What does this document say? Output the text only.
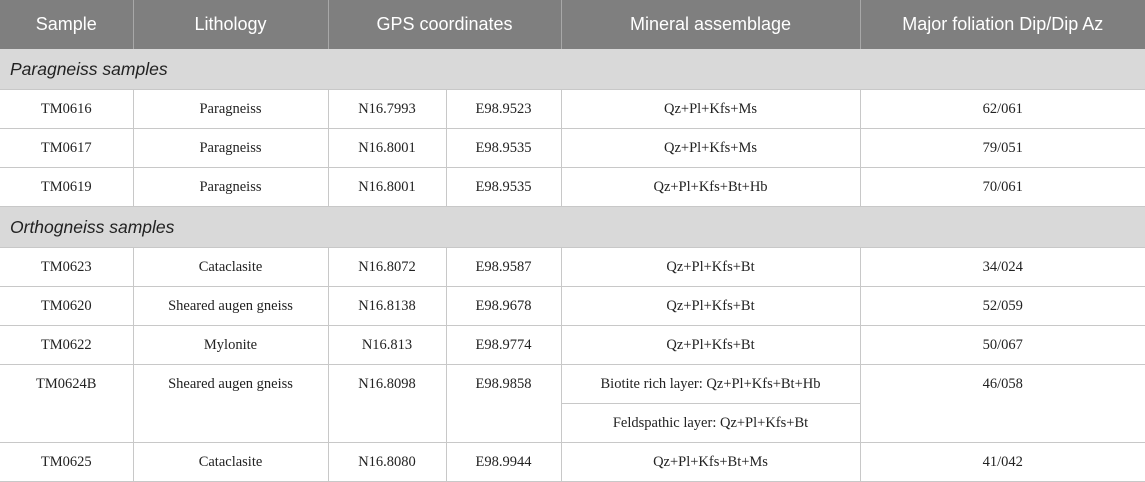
Sample	Lithology	GPS coordinates		Mineral assemblage	Major foliation Dip/Dip Az
Paragneiss samples					
TM0616	Paragneiss	N16.7993	E98.9523	Qz+Pl+Kfs+Ms	62/061
TM0617	Paragneiss	N16.8001	E98.9535	Qz+Pl+Kfs+Ms	79/051
TM0619	Paragneiss	N16.8001	E98.9535	Qz+Pl+Kfs+Bt+Hb	70/061
Orthogneiss samples					
TM0623	Cataclasite	N16.8072	E98.9587	Qz+Pl+Kfs+Bt	34/024
TM0620	Sheared augen gneiss	N16.8138	E98.9678	Qz+Pl+Kfs+Bt	52/059
TM0622	Mylonite	N16.813	E98.9774	Qz+Pl+Kfs+Bt	50/067
TM0624B	Sheared augen gneiss	N16.8098	E98.9858	Biotite rich layer: Qz+Pl+Kfs+Bt+Hb	46/058
				Feldspathic layer: Qz+Pl+Kfs+Bt	
TM0625	Cataclasite	N16.8080	E98.9944	Qz+Pl+Kfs+Bt+Ms	41/042
